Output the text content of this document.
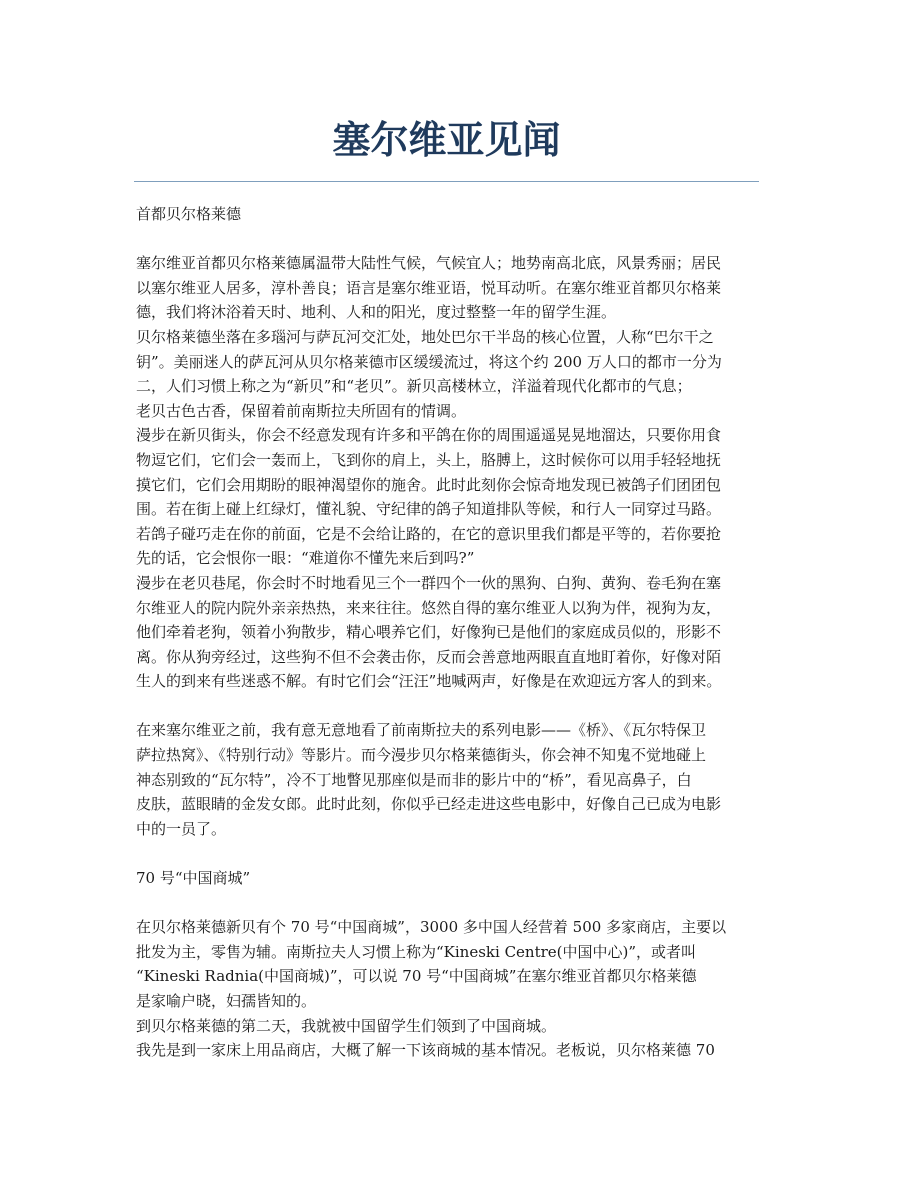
塞尔维亚见闻

首都贝尔格莱德

塞尔维亚首都贝尔格莱德属温带大陆性气候，气候宜人；地势南高北底，风景秀丽；居民

以塞尔维亚人居多，淳朴善良；语言是塞尔维亚语，悦耳动听。在塞尔维亚首都贝尔格莱

德，我们将沐浴着天时、地利、人和的阳光，度过整整一年的留学生涯。

贝尔格莱德坐落在多瑙河与萨瓦河交汇处，地处巴尔干半岛的核心位置，人称“巴尔干之

钥”。美丽迷人的萨瓦河从贝尔格莱德市区缓缓流过，将这个约 200 万人口的都市一分为

二，人们习惯上称之为“新贝”和“老贝”。新贝高楼林立，洋溢着现代化都市的气息；

老贝古色古香，保留着前南斯拉夫所固有的情调。

漫步在新贝街头，你会不经意发现有许多和平鸽在你的周围遥遥晃晃地溜达，只要你用食

物逗它们，它们会一轰而上，飞到你的肩上，头上，胳膊上，这时候你可以用手轻轻地抚

摸它们，它们会用期盼的眼神渴望你的施舍。此时此刻你会惊奇地发现已被鸽子们团团包

围。若在街上碰上红绿灯，懂礼貌、守纪律的鸽子知道排队等候，和行人一同穿过马路。

若鸽子碰巧走在你的前面，它是不会给让路的，在它的意识里我们都是平等的，若你要抢

先的话，它会恨你一眼：“难道你不懂先来后到吗?”

漫步在老贝巷尾，你会时不时地看见三个一群四个一伙的黑狗、白狗、黄狗、卷毛狗在塞

尔维亚人的院内院外亲亲热热，来来往往。悠然自得的塞尔维亚人以狗为伴，视狗为友，

他们牵着老狗，领着小狗散步，精心喂养它们，好像狗已是他们的家庭成员似的，形影不

离。你从狗旁经过，这些狗不但不会袭击你，反而会善意地两眼直直地盯着你，好像对陌

生人的到来有些迷惑不解。有时它们会“汪汪”地喊两声，好像是在欢迎远方客人的到来。

在来塞尔维亚之前，我有意无意地看了前南斯拉夫的系列电影——《桥》、《瓦尔特保卫

萨拉热窝》、《特别行动》等影片。而今漫步贝尔格莱德街头，你会神不知鬼不觉地碰上

神态别致的“瓦尔特”，冷不丁地瞥见那座似是而非的影片中的“桥”，看见高鼻子，白

皮肤，蓝眼睛的金发女郎。此时此刻，你似乎已经走进这些电影中，好像自己已成为电影

中的一员了。

70 号“中国商城”

在贝尔格莱德新贝有个 70 号“中国商城”，3000 多中国人经营着 500 多家商店，主要以

批发为主，零售为辅。南斯拉夫人习惯上称为“Kineski Centre(中国中心)”，或者叫

“Kineski Radnia(中国商城)”，可以说 70 号“中国商城”在塞尔维亚首都贝尔格莱德

是家喻户晓，妇孺皆知的。

到贝尔格莱德的第二天，我就被中国留学生们领到了中国商城。

我先是到一家床上用品商店，大概了解一下该商城的基本情况。老板说，贝尔格莱德 70
